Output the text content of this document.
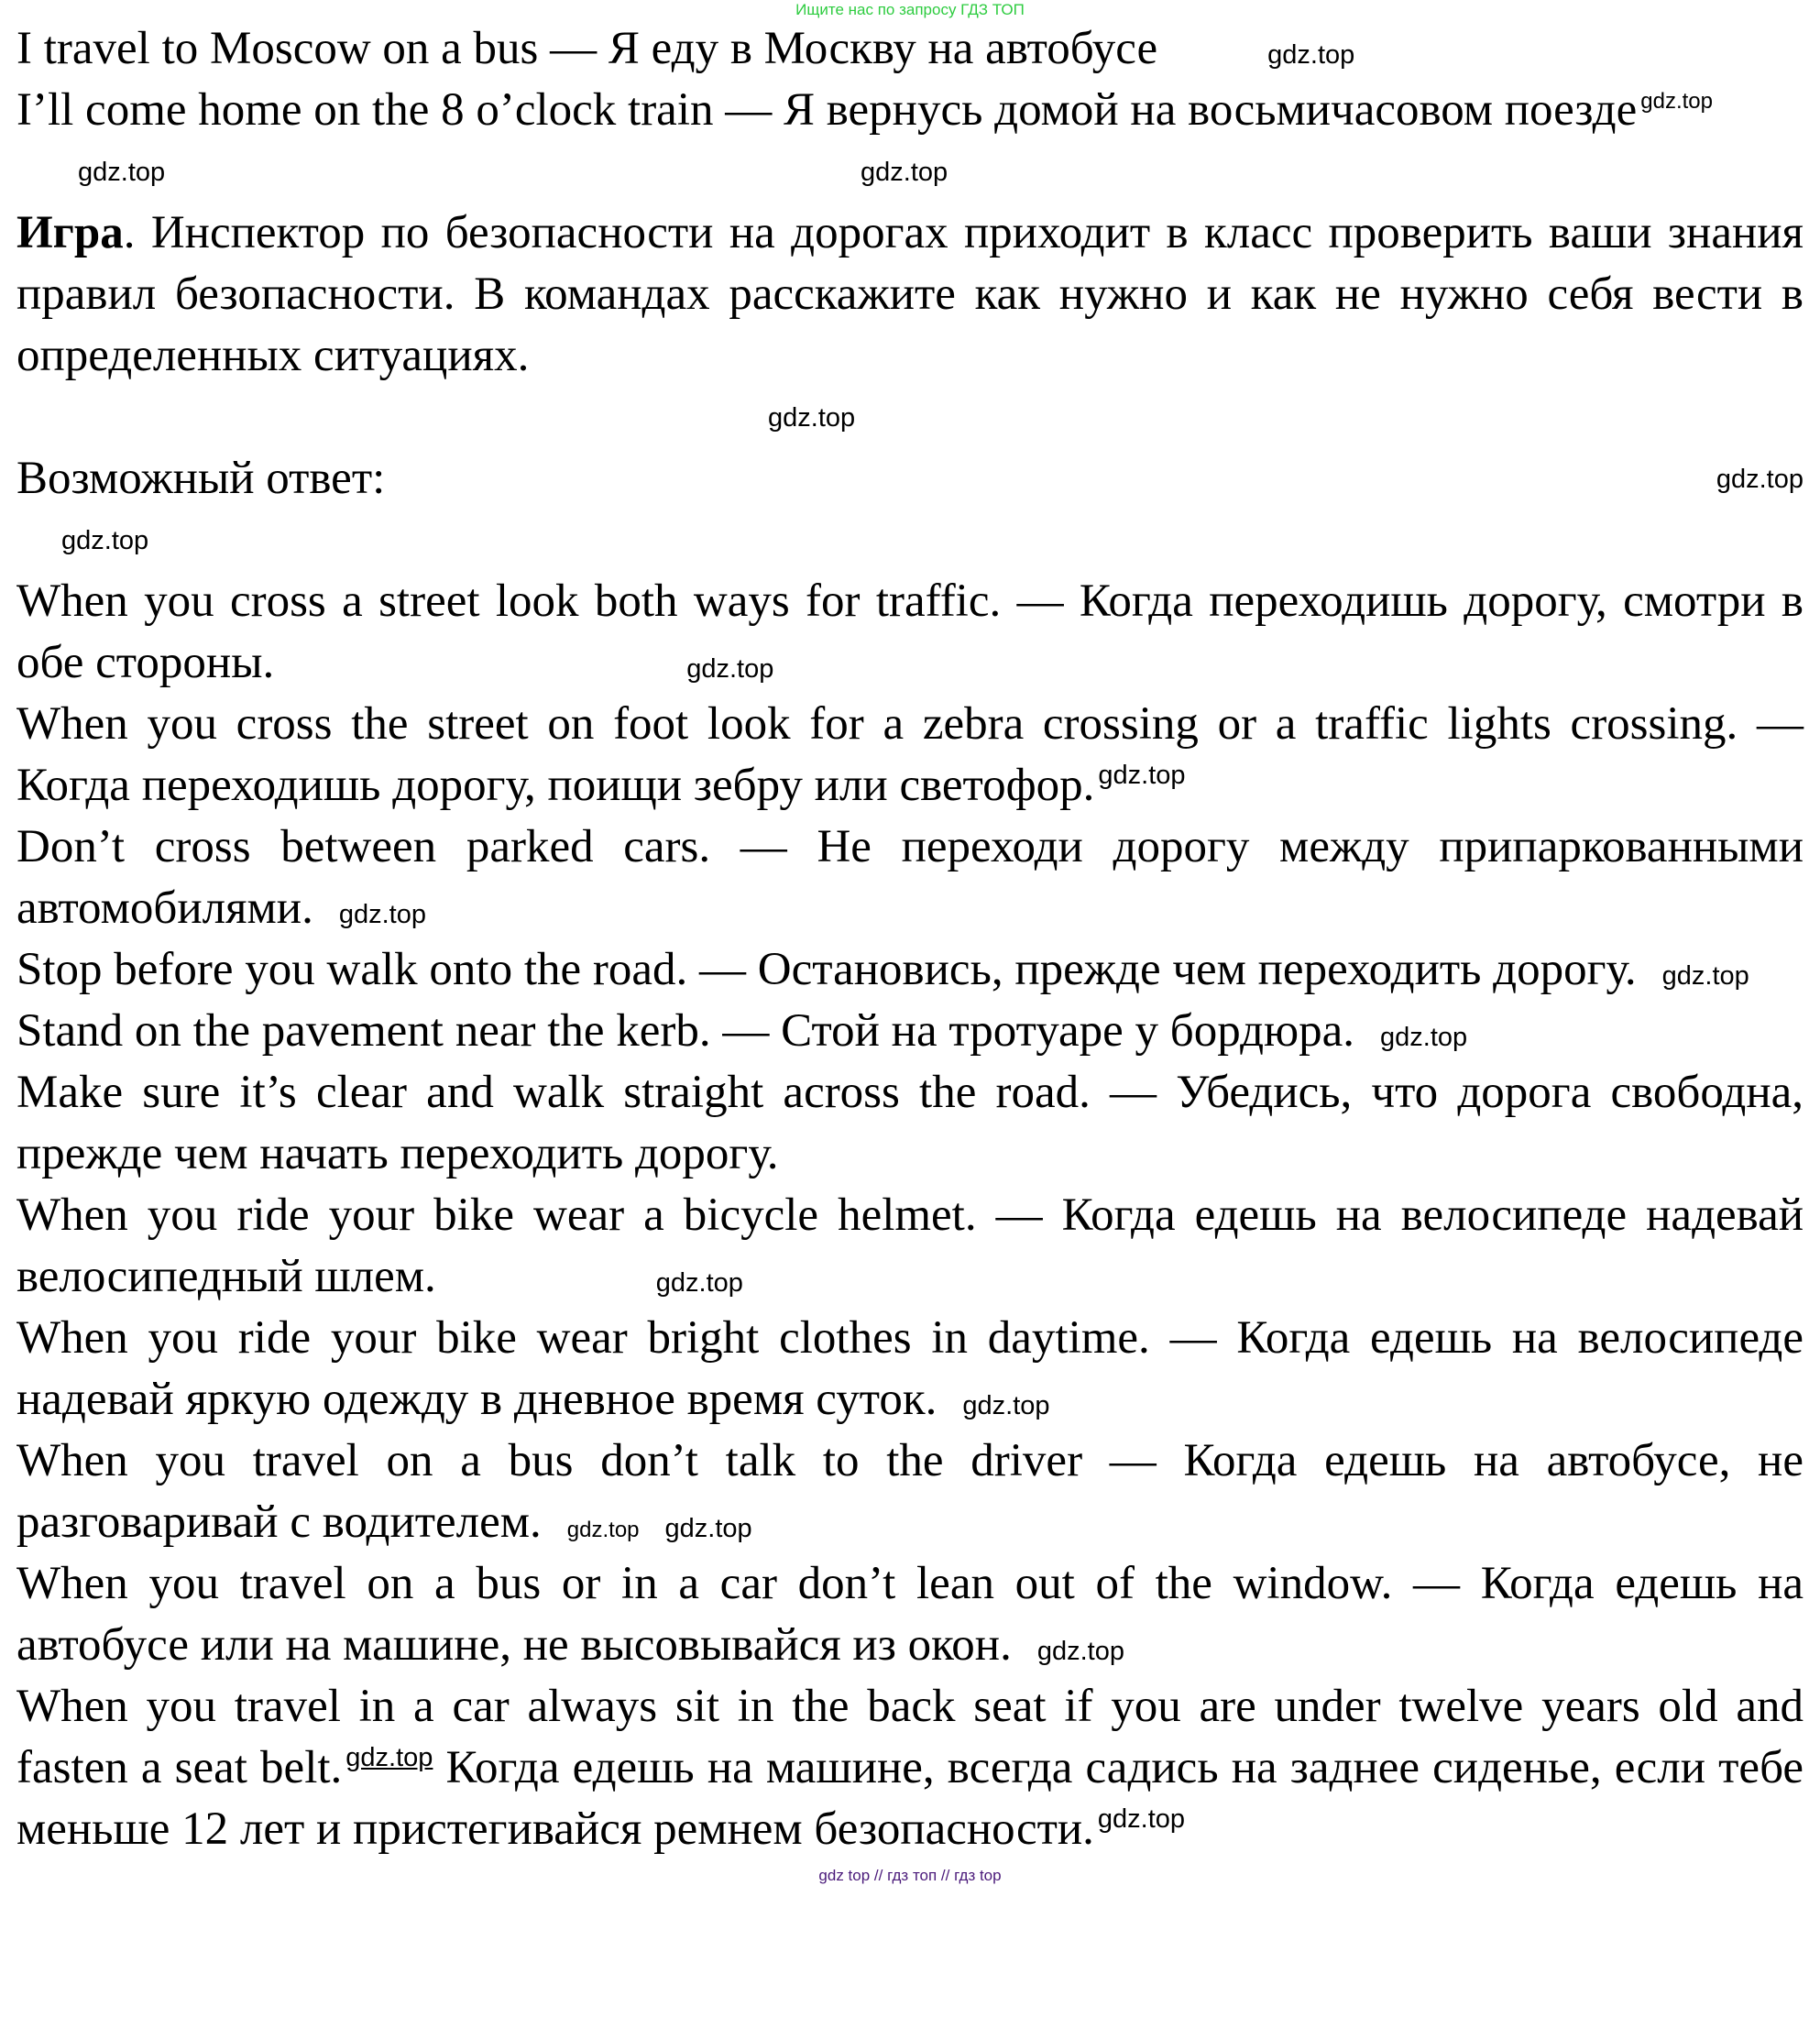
Ищите нас по запросу ГДЗ ТОП

I travel to Moscow on a bus — Я еду в Москву на автобусе	gdz.top

I’ll come home on the 8 o’clock train — Я вернусь домой на восьмичасовом поезде gdz.top

gdz.top	gdz.top

Игра. Инспектор по безопасности на дорогах приходит в класс проверить ваши знания правил безопасности. В командах расскажите как нужно и как не нужно себя вести в определенных ситуациях.

gdz.top

Возможный ответ:	gdz.top

gdz.top

When you cross a street look both ways for traffic. — Когда переходишь дорогу, смотри в обе стороны.	gdz.top

When you cross the street on foot look for a zebra crossing or a traffic lights crossing. — Когда переходишь дорогу, поищи зебру или светофор. gdz.top

Don’t cross between parked cars. — Не переходи дорогу между припаркованными автомобилями. gdz.top

Stop before you walk onto the road. — Остановись, прежде чем переходить дорогу. gdz.top

Stand on the pavement near the kerb. — Стой на тротуаре у бордюра. gdz.top

Make sure it’s clear and walk straight across the road. — Убедись, что дорога свободна, прежде чем начать переходить дорогу.

When you ride your bike wear a bicycle helmet. — Когда едешь на велосипеде надевай велосипедный шлем.	gdz.top

When you ride your bike wear bright clothes in daytime. — Когда едешь на велосипеде надевай яркую одежду в дневное время суток. gdz.top

When you travel on a bus don’t talk to the driver — Когда едешь на автобусе, не разговаривай с водителем. gdz.top gdz.top

When you travel on a bus or in a car don’t lean out of the window. — Когда едешь на автобусе или на машине, не высовывайся из окон. gdz.top

When you travel in a car always sit in the back seat if you are under twelve years old and fasten a seat belt. gdz.top Когда едешь на машине, всегда садись на заднее сиденье, если тебе меньше 12 лет и пристегивайся ремнем безопасности. gdz.top

gdz top // гдз топ // гдз top
